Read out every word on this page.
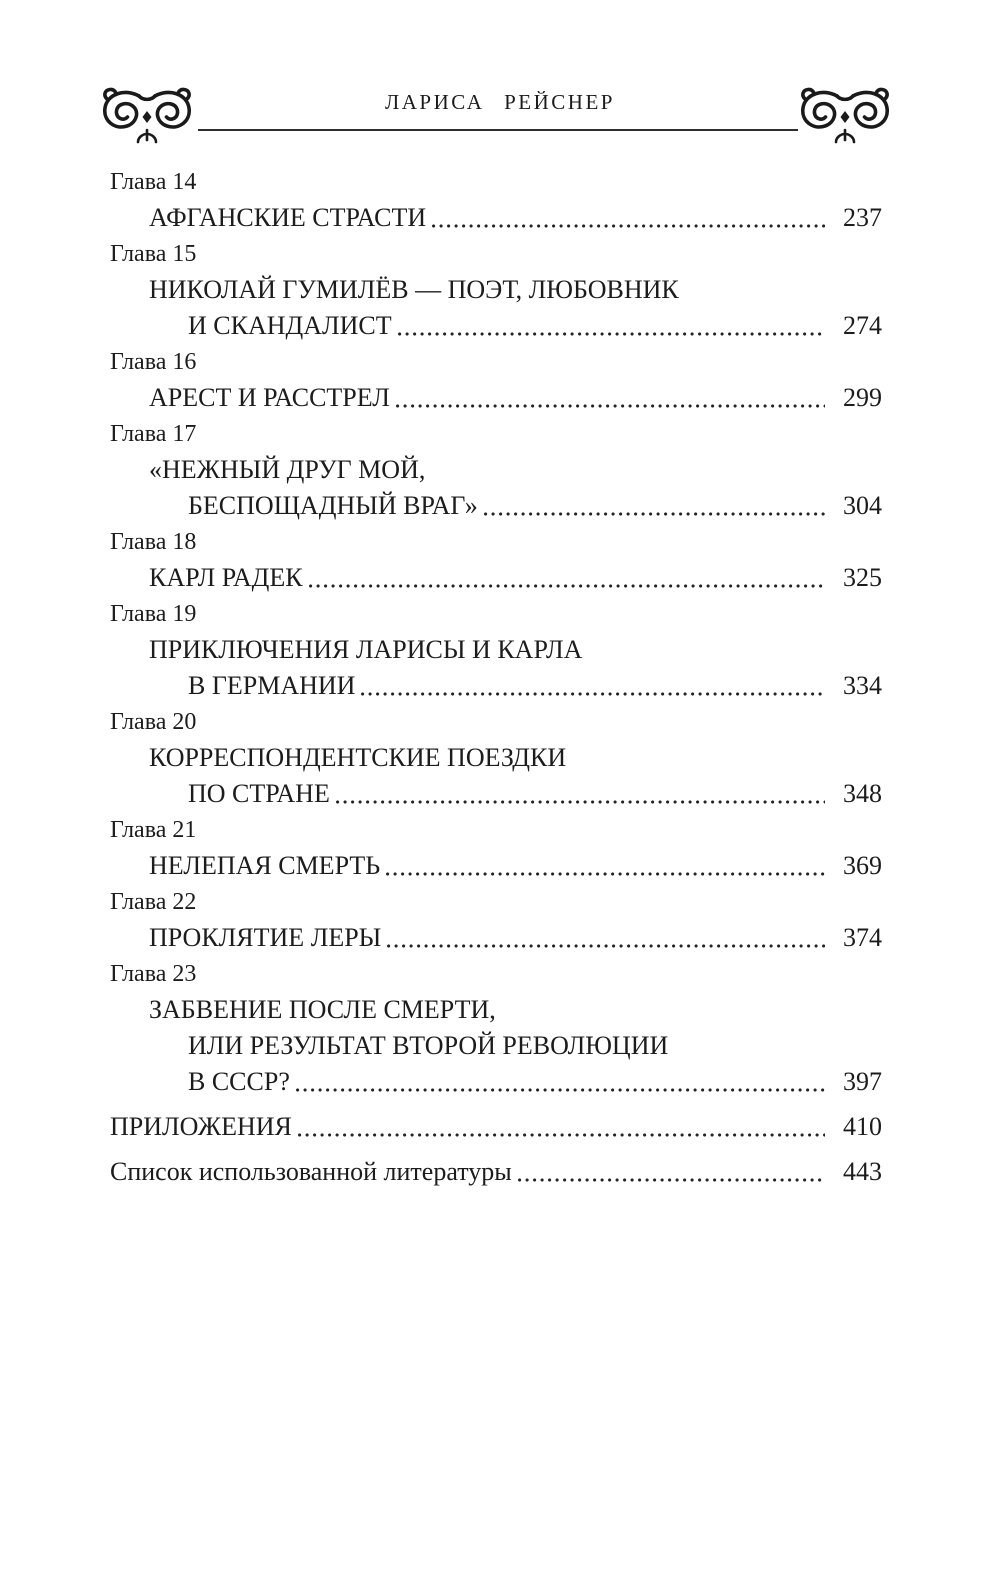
ЛАРИСА РЕЙСНЕР
Глава 14
АФГАНСКИЕ СТРАСТИ	237
Глава 15
НИКОЛАЙ ГУМИЛЁВ — ПОЭТ, ЛЮБОВНИК
И СКАНДАЛИСТ	274
Глава 16
АРЕСТ И РАССТРЕЛ	299
Глава 17
«НЕЖНЫЙ ДРУГ МОЙ,
БЕСПОЩАДНЫЙ ВРАГ»	304
Глава 18
КАРЛ РАДЕК	325
Глава 19
ПРИКЛЮЧЕНИЯ ЛАРИСЫ И КАРЛА
В ГЕРМАНИИ	334
Глава 20
КОРРЕСПОНДЕНТСКИЕ ПОЕЗДКИ
ПО СТРАНЕ	348
Глава 21
НЕЛЕПАЯ СМЕРТЬ	369
Глава 22
ПРОКЛЯТИЕ ЛЕРЫ	374
Глава 23
ЗАБВЕНИЕ ПОСЛЕ СМЕРТИ,
ИЛИ РЕЗУЛЬТАТ ВТОРОЙ РЕВОЛЮЦИИ
В СССР?	397
ПРИЛОЖЕНИЯ	410
Список использованной литературы	443
